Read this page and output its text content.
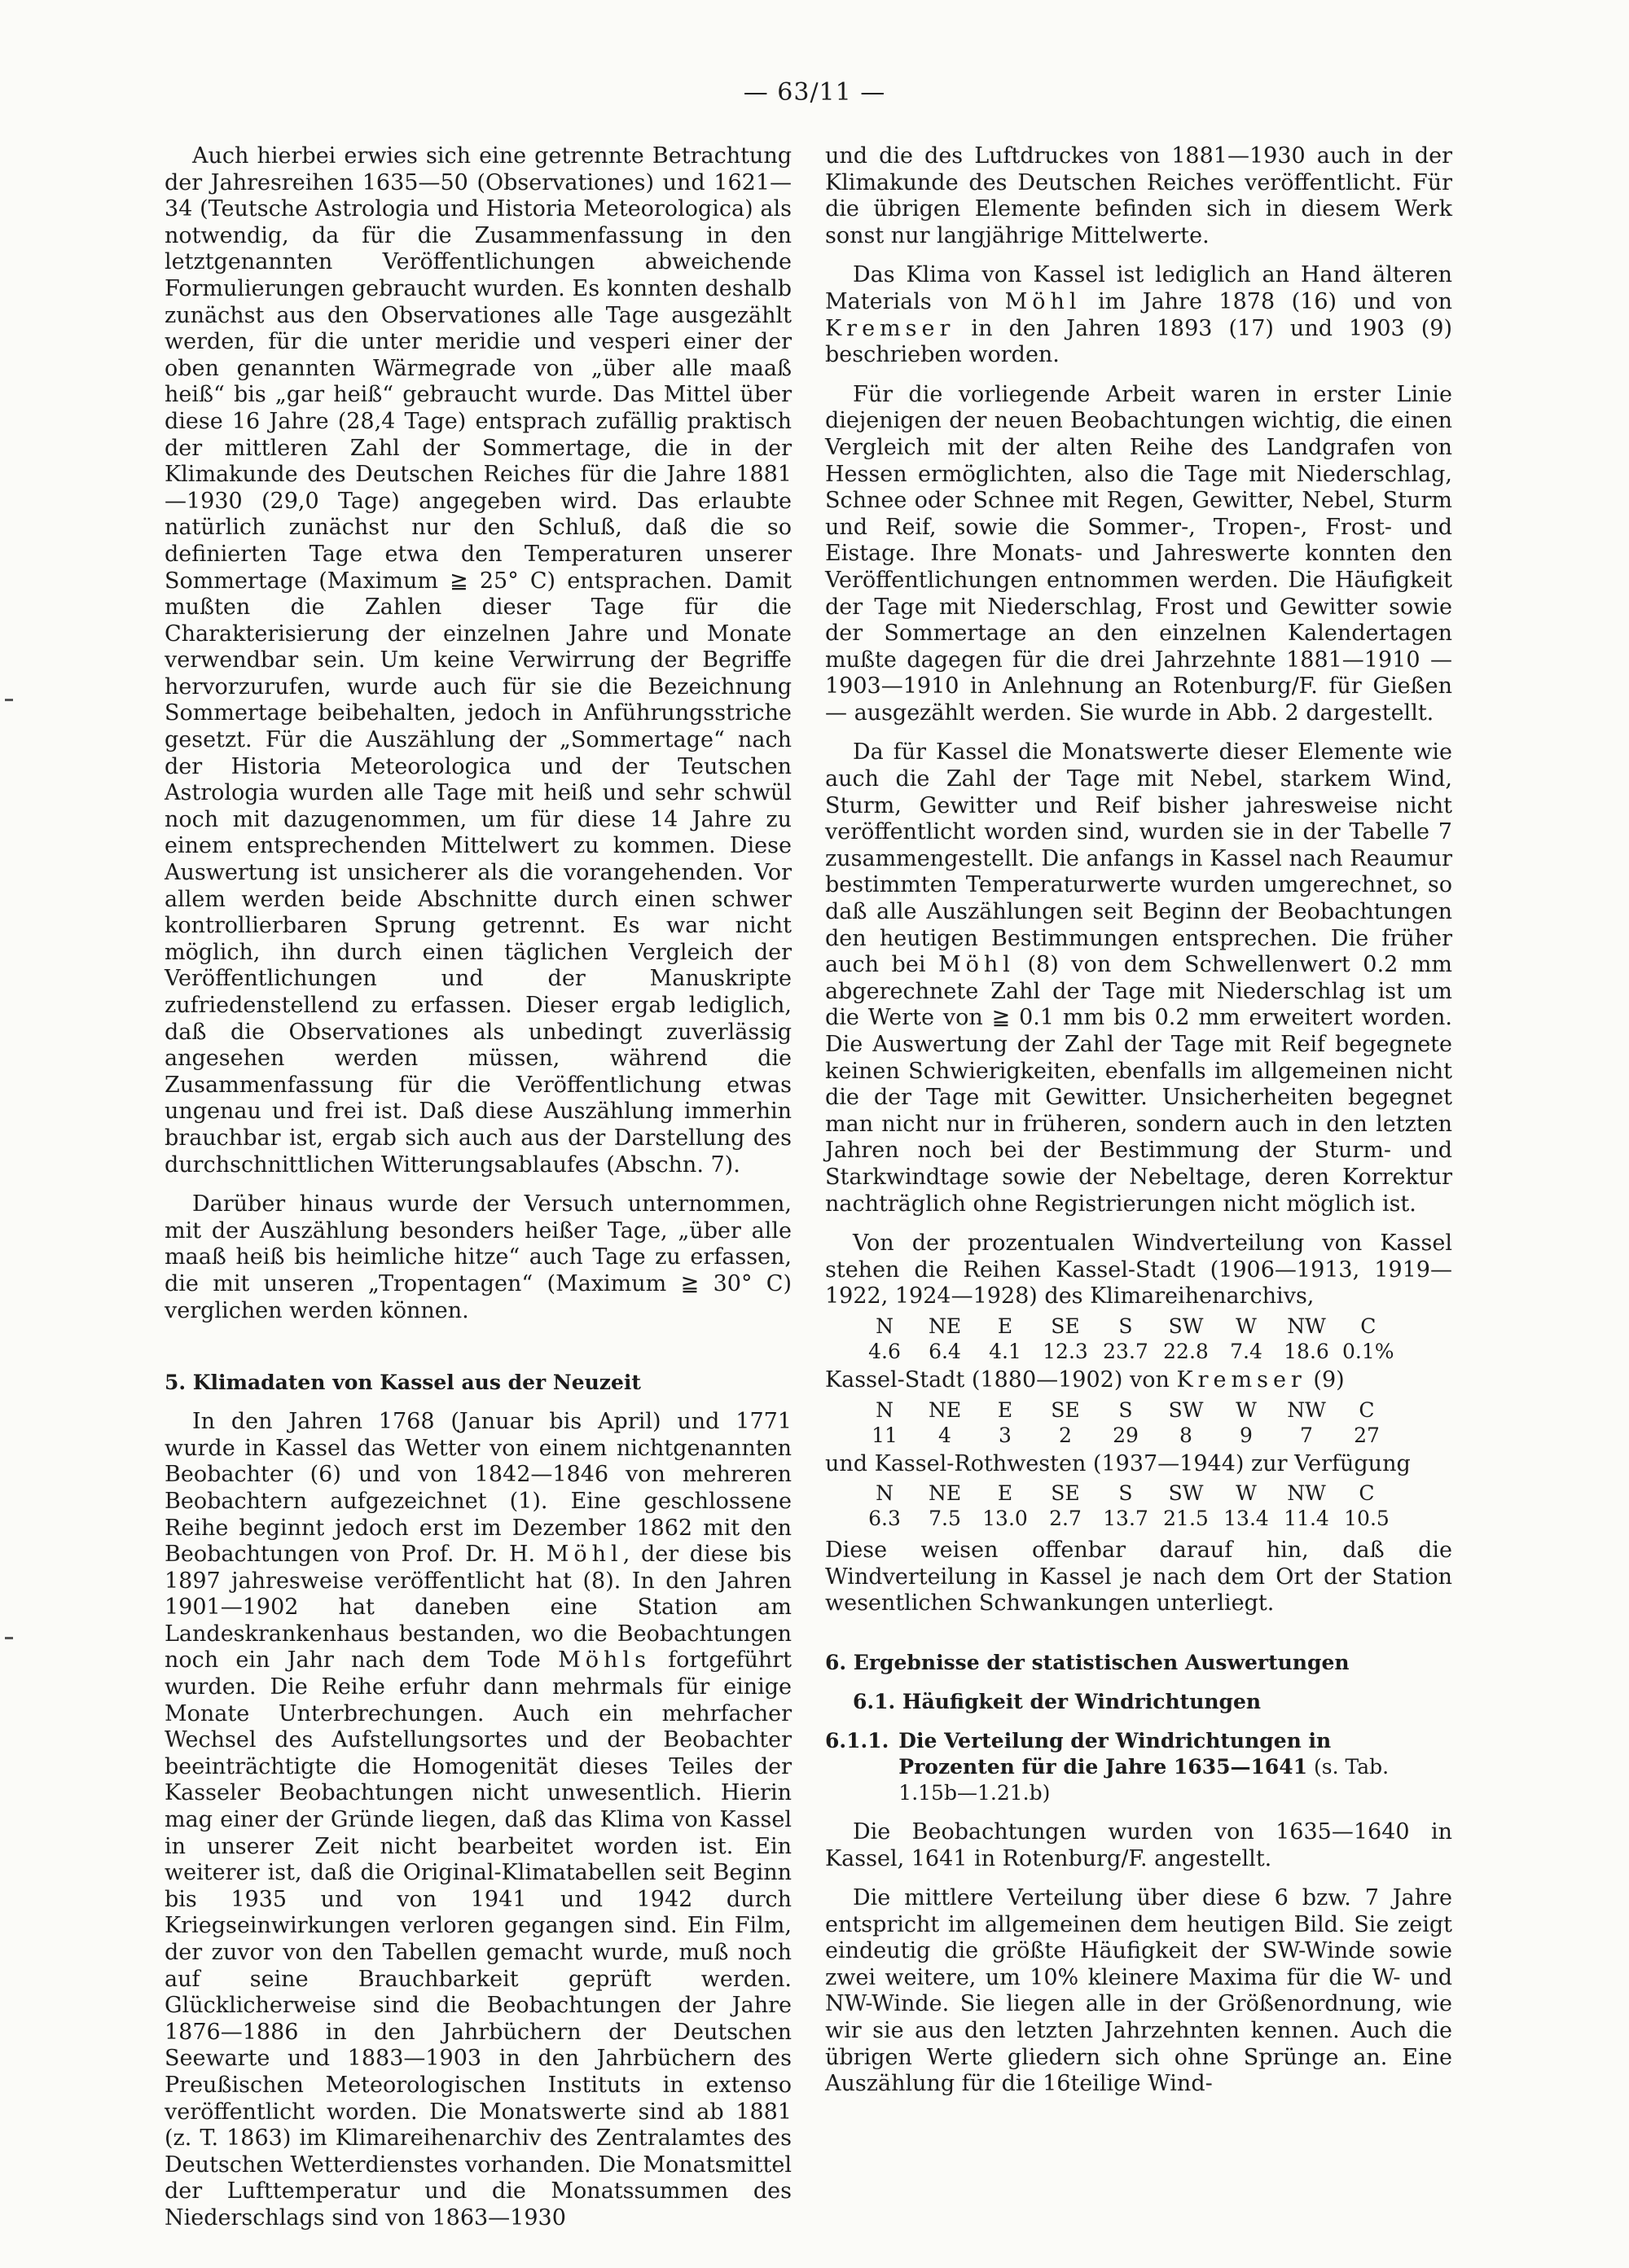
— 63/11 —

Auch hierbei erwies sich eine getrennte Betrachtung der Jahresreihen 1635—50 (Observationes) und 1621—34 (Teutsche Astrologia und Historia Meteorologica) als notwendig, da für die Zusammenfassung in den letztgenannten Veröffentlichungen abweichende Formulierungen gebraucht wurden. Es konnten deshalb zunächst aus den Observationes alle Tage ausgezählt werden, für die unter meridie und vesperi einer der oben genannten Wärmegrade von „über alle maaß heiß“ bis „gar heiß“ gebraucht wurde. Das Mittel über diese 16 Jahre (28,4 Tage) entsprach zufällig praktisch der mittleren Zahl der Sommertage, die in der Klimakunde des Deutschen Reiches für die Jahre 1881—1930 (29,0 Tage) angegeben wird. Das erlaubte natürlich zunächst nur den Schluß, daß die so definierten Tage etwa den Temperaturen unserer Sommertage (Maximum ≧ 25° C) entsprachen. Damit mußten die Zahlen dieser Tage für die Charakterisierung der einzelnen Jahre und Monate verwendbar sein. Um keine Verwirrung der Begriffe hervorzurufen, wurde auch für sie die Bezeichnung Sommertage beibehalten, jedoch in Anführungsstriche gesetzt. Für die Auszählung der „Sommertage“ nach der Historia Meteorologica und der Teutschen Astrologia wurden alle Tage mit heiß und sehr schwül noch mit dazugenommen, um für diese 14 Jahre zu einem entsprechenden Mittelwert zu kommen. Diese Auswertung ist unsicherer als die vorangehenden. Vor allem werden beide Abschnitte durch einen schwer kontrollierbaren Sprung getrennt. Es war nicht möglich, ihn durch einen täglichen Vergleich der Veröffentlichungen und der Manuskripte zufriedenstellend zu erfassen. Dieser ergab lediglich, daß die Observationes als unbedingt zuverlässig angesehen werden müssen, während die Zusammenfassung für die Veröffentlichung etwas ungenau und frei ist. Daß diese Auszählung immerhin brauchbar ist, ergab sich auch aus der Darstellung des durchschnittlichen Witterungsablaufes (Abschn. 7).

Darüber hinaus wurde der Versuch unternommen, mit der Auszählung besonders heißer Tage, „über alle maaß heiß bis heimliche hitze“ auch Tage zu erfassen, die mit unseren „Tropentagen“ (Maximum ≧ 30° C) verglichen werden können.

5. Klimadaten von Kassel aus der Neuzeit

In den Jahren 1768 (Januar bis April) und 1771 wurde in Kassel das Wetter von einem nichtgenannten Beobachter (6) und von 1842—1846 von mehreren Beobachtern aufgezeichnet (1). Eine geschlossene Reihe beginnt jedoch erst im Dezember 1862 mit den Beobachtungen von Prof. Dr. H. Möhl, der diese bis 1897 jahresweise veröffentlicht hat (8). In den Jahren 1901—1902 hat daneben eine Station am Landeskrankenhaus bestanden, wo die Beobachtungen noch ein Jahr nach dem Tode Möhls fortgeführt wurden. Die Reihe erfuhr dann mehrmals für einige Monate Unterbrechungen. Auch ein mehrfacher Wechsel des Aufstellungsortes und der Beobachter beeinträchtigte die Homogenität dieses Teiles der Kasseler Beobachtungen nicht unwesentlich. Hierin mag einer der Gründe liegen, daß das Klima von Kassel in unserer Zeit nicht bearbeitet worden ist. Ein weiterer ist, daß die Original-Klimatabellen seit Beginn bis 1935 und von 1941 und 1942 durch Kriegseinwirkungen verloren gegangen sind. Ein Film, der zuvor von den Tabellen gemacht wurde, muß noch auf seine Brauchbarkeit geprüft werden. Glücklicherweise sind die Beobachtungen der Jahre 1876—1886 in den Jahrbüchern der Deutschen Seewarte und 1883—1903 in den Jahrbüchern des Preußischen Meteorologischen Instituts in extenso veröffentlicht worden. Die Monatswerte sind ab 1881 (z. T. 1863) im Klimareihenarchiv des Zentralamtes des Deutschen Wetterdienstes vorhanden. Die Monatsmittel der Lufttemperatur und die Monatssummen des Niederschlags sind von 1863—1930

und die des Luftdruckes von 1881—1930 auch in der Klimakunde des Deutschen Reiches veröffentlicht. Für die übrigen Elemente befinden sich in diesem Werk sonst nur langjährige Mittelwerte.

Das Klima von Kassel ist lediglich an Hand älteren Materials von Möhl im Jahre 1878 (16) und von Kremser in den Jahren 1893 (17) und 1903 (9) beschrieben worden.

Für die vorliegende Arbeit waren in erster Linie diejenigen der neuen Beobachtungen wichtig, die einen Vergleich mit der alten Reihe des Landgrafen von Hessen ermöglichten, also die Tage mit Niederschlag, Schnee oder Schnee mit Regen, Gewitter, Nebel, Sturm und Reif, sowie die Sommer-, Tropen-, Frost- und Eistage. Ihre Monats- und Jahreswerte konnten den Veröffentlichungen entnommen werden. Die Häufigkeit der Tage mit Niederschlag, Frost und Gewitter sowie der Sommertage an den einzelnen Kalendertagen mußte dagegen für die drei Jahrzehnte 1881—1910 — 1903—1910 in Anlehnung an Rotenburg/F. für Gießen — ausgezählt werden. Sie wurde in Abb. 2 dargestellt.

Da für Kassel die Monatswerte dieser Elemente wie auch die Zahl der Tage mit Nebel, starkem Wind, Sturm, Gewitter und Reif bisher jahresweise nicht veröffentlicht worden sind, wurden sie in der Tabelle 7 zusammengestellt. Die anfangs in Kassel nach Reaumur bestimmten Temperaturwerte wurden umgerechnet, so daß alle Auszählungen seit Beginn der Beobachtungen den heutigen Bestimmungen entsprechen. Die früher auch bei Möhl (8) von dem Schwellenwert 0.2 mm abgerechnete Zahl der Tage mit Niederschlag ist um die Werte von ≧ 0.1 mm bis 0.2 mm erweitert worden. Die Auswertung der Zahl der Tage mit Reif begegnete keinen Schwierigkeiten, ebenfalls im allgemeinen nicht die der Tage mit Gewitter. Unsicherheiten begegnet man nicht nur in früheren, sondern auch in den letzten Jahren noch bei der Bestimmung der Sturm- und Starkwindtage sowie der Nebeltage, deren Korrektur nachträglich ohne Registrierungen nicht möglich ist.

Von der prozentualen Windverteilung von Kassel stehen die Reihen Kassel-Stadt (1906—1913, 1919—1922, 1924—1928) des Klimareihenarchivs,

N	NE	E	SE	S	SW	W	NW	C
4.6	6.4	4.1	12.3	23.7	22.8	7.4	18.6	0.1%

Kassel-Stadt (1880—1902) von Kremser (9)

N	NE	E	SE	S	SW	W	NW	C
11	4	3	2	29	8	9	7	27

und Kassel-Rothwesten (1937—1944) zur Verfügung

N	NE	E	SE	S	SW	W	NW	C
6.3	7.5	13.0	2.7	13.7	21.5	13.4	11.4	10.5

Diese weisen offenbar darauf hin, daß die Windverteilung in Kassel je nach dem Ort der Station wesentlichen Schwankungen unterliegt.

6. Ergebnisse der statistischen Auswertungen
6.1. Häufigkeit der Windrichtungen
6.1.1. Die Verteilung der Windrichtungen in Prozenten für die Jahre 1635—1641 (s. Tab. 1.15b—1.21.b)

Die Beobachtungen wurden von 1635—1640 in Kassel, 1641 in Rotenburg/F. angestellt.

Die mittlere Verteilung über diese 6 bzw. 7 Jahre entspricht im allgemeinen dem heutigen Bild. Sie zeigt eindeutig die größte Häufigkeit der SW-Winde sowie zwei weitere, um 10% kleinere Maxima für die W- und NW-Winde. Sie liegen alle in der Größenordnung, wie wir sie aus den letzten Jahrzehnten kennen. Auch die übrigen Werte gliedern sich ohne Sprünge an. Eine Auszählung für die 16teilige Wind-
